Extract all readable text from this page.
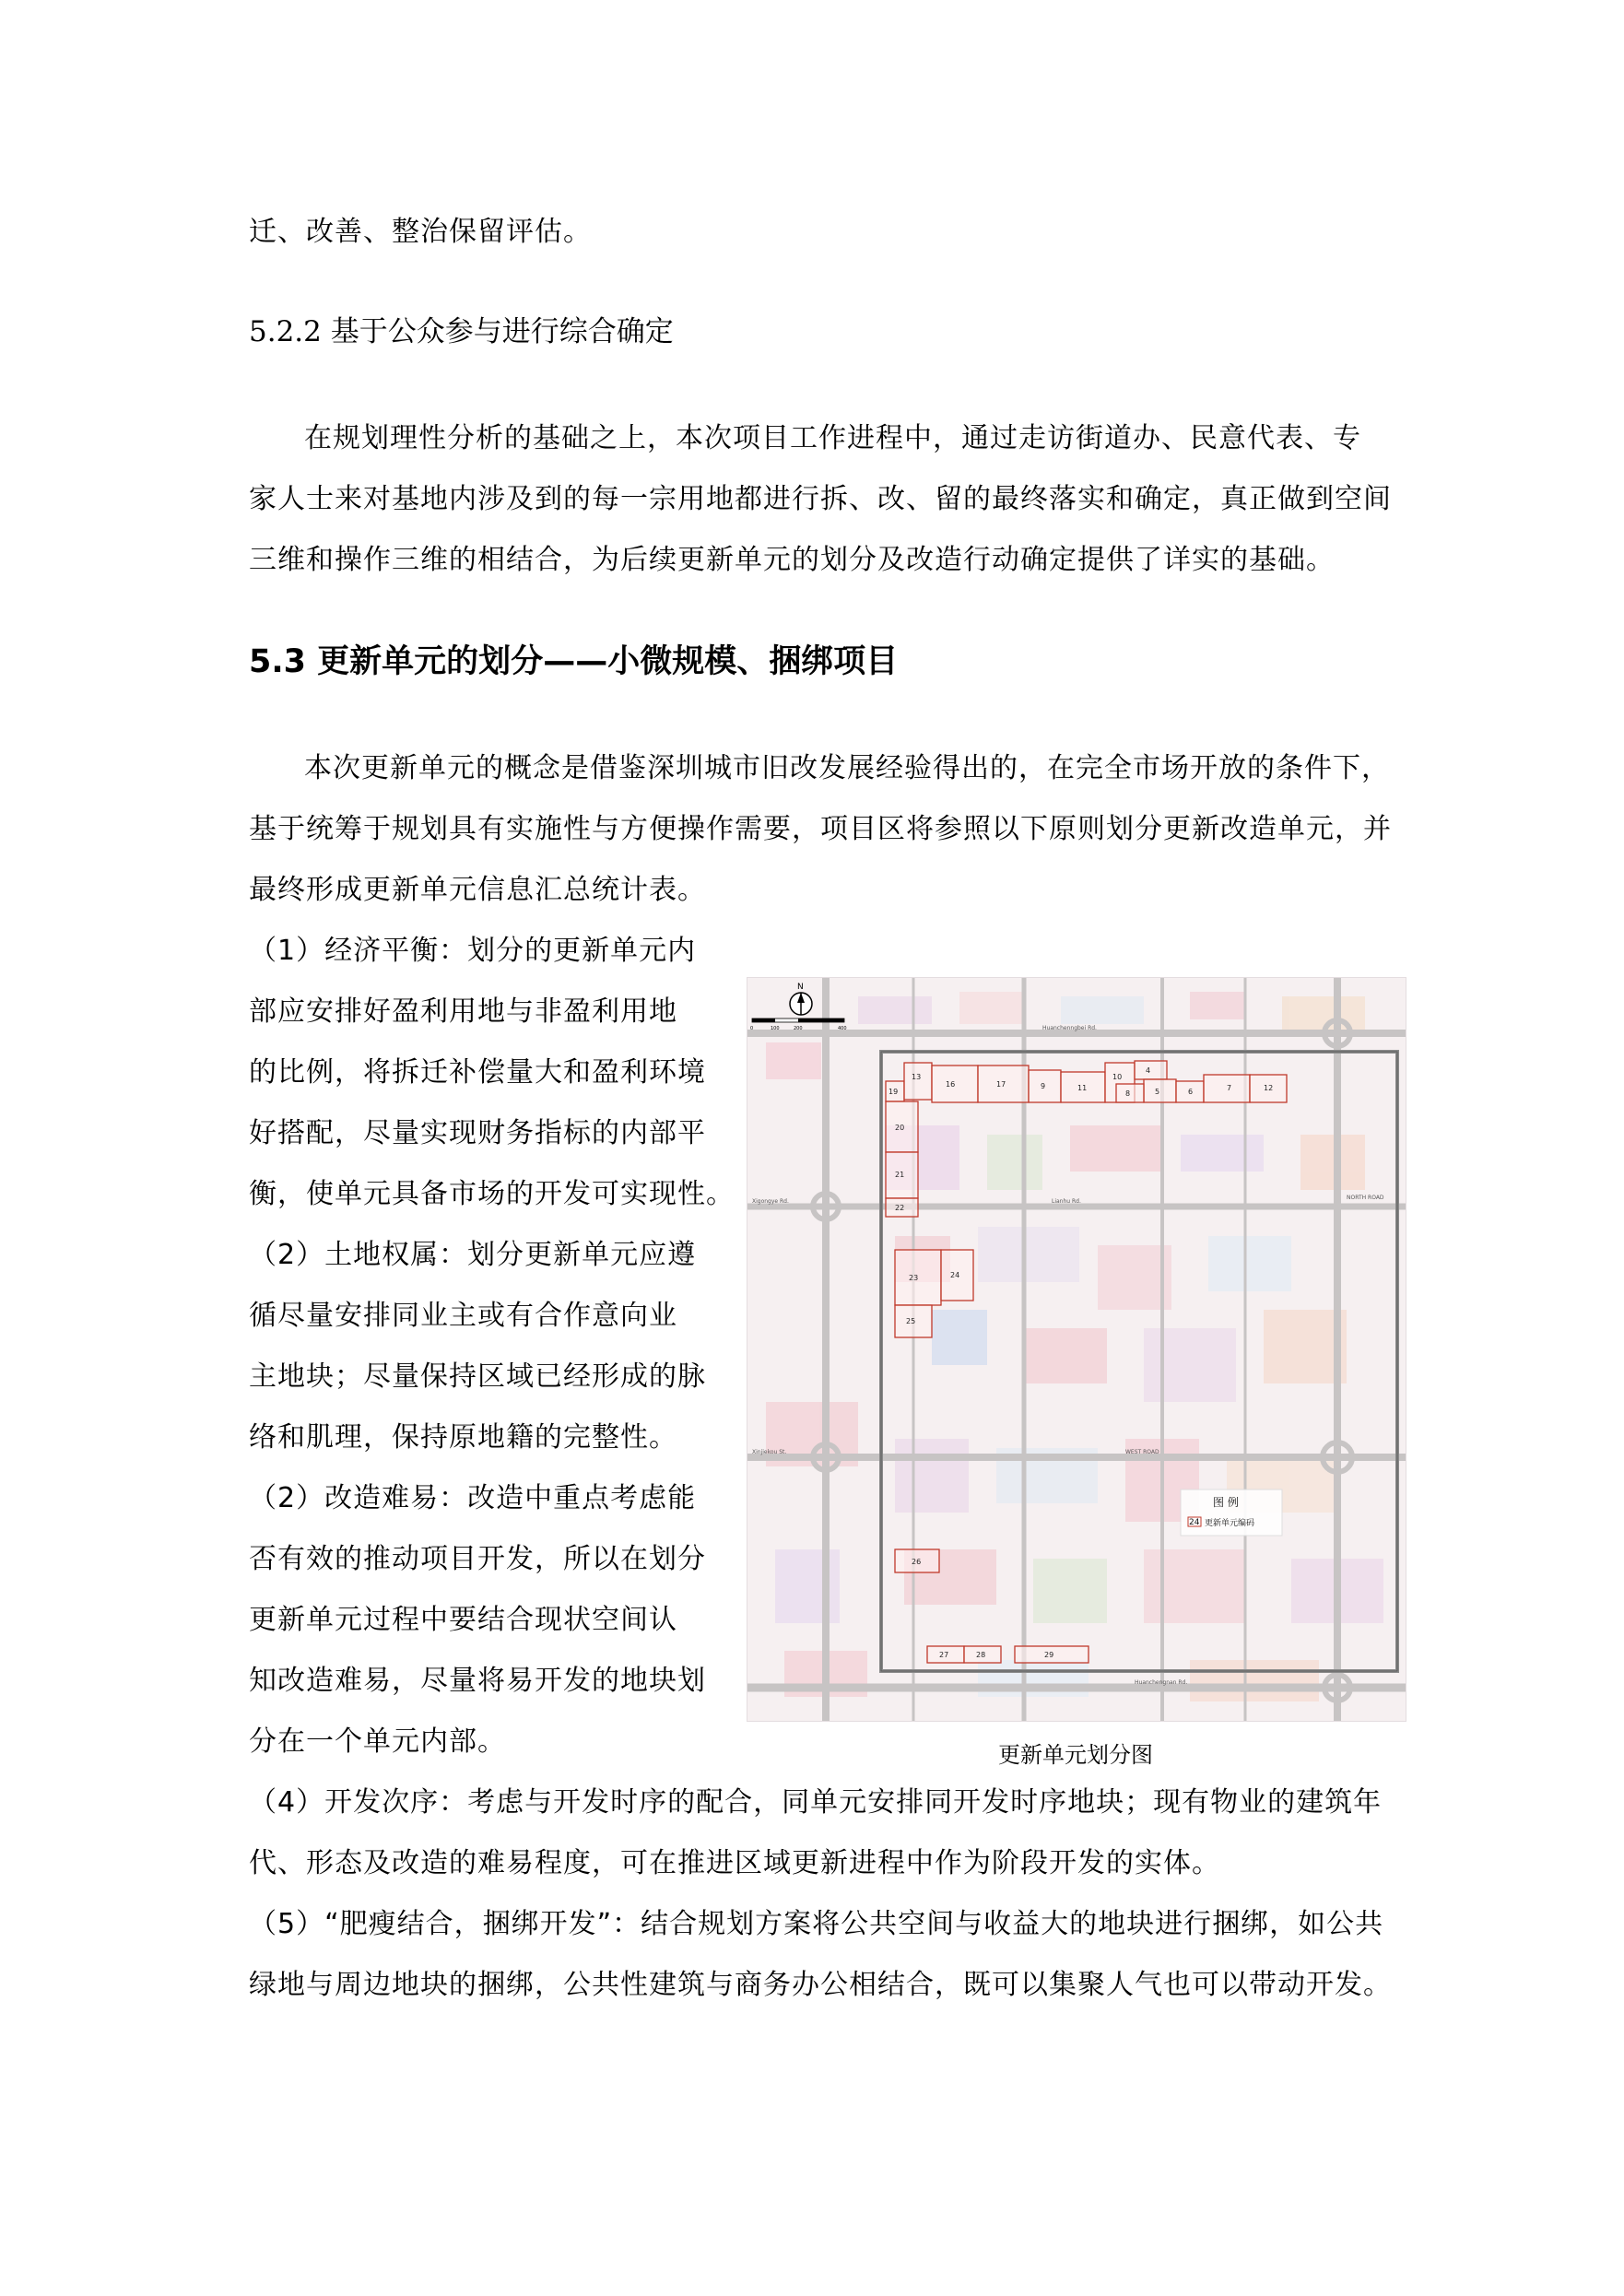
迁、改善、整治保留评估。
5.2.2 基于公众参与进行综合确定
在规划理性分析的基础之上，本次项目工作进程中，通过走访街道办、民意代表、专
家人士来对基地内涉及到的每一宗用地都进行拆、改、留的最终落实和确定，真正做到空间
三维和操作三维的相结合，为后续更新单元的划分及改造行动确定提供了详实的基础。
5.3 更新单元的划分——小微规模、捆绑项目
本次更新单元的概念是借鉴深圳城市旧改发展经验得出的，在完全市场开放的条件下，
基于统筹于规划具有实施性与方便操作需要，项目区将参照以下原则划分更新改造单元，并
最终形成更新单元信息汇总统计表。
（1）经济平衡：划分的更新单元内
部应安排好盈利用地与非盈利用地
的比例，将拆迁补偿量大和盈利环境
好搭配，尽量实现财务指标的内部平
衡，使单元具备市场的开发可实现性。
（2）土地权属：划分更新单元应遵
循尽量安排同业主或有合作意向业
主地块；尽量保持区域已经形成的脉
络和肌理，保持原地籍的完整性。
（2）改造难易：改造中重点考虑能
否有效的推动项目开发，所以在划分
更新单元过程中要结合现状空间认
知改造难易，尽量将易开发的地块划
分在一个单元内部。
（4）开发次序：考虑与开发时序的配合，同单元安排同开发时序地块；现有物业的建筑年
代、形态及改造的难易程度，可在推进区域更新进程中作为阶段开发的实体。
（5）“肥瘦结合，捆绑开发”：结合规划方案将公共空间与收益大的地块进行捆绑，如公共
绿地与周边地块的捆绑，公共性建筑与商务办公相结合，既可以集聚人气也可以带动开发。
19
13
16	17	9	11
10
4
5	6	7
8
12
20
21
22
23	24
25
26
27	28	29
Huanchenngbei Rd.
Lianhu Rd.
WEST ROAD
Xinjiekou St.
Huanchengnan Rd.
Xigongye Rd.
NORTH ROAD
N
0	100	200	400
图 例
24 更新单元编码
更新单元划分图
